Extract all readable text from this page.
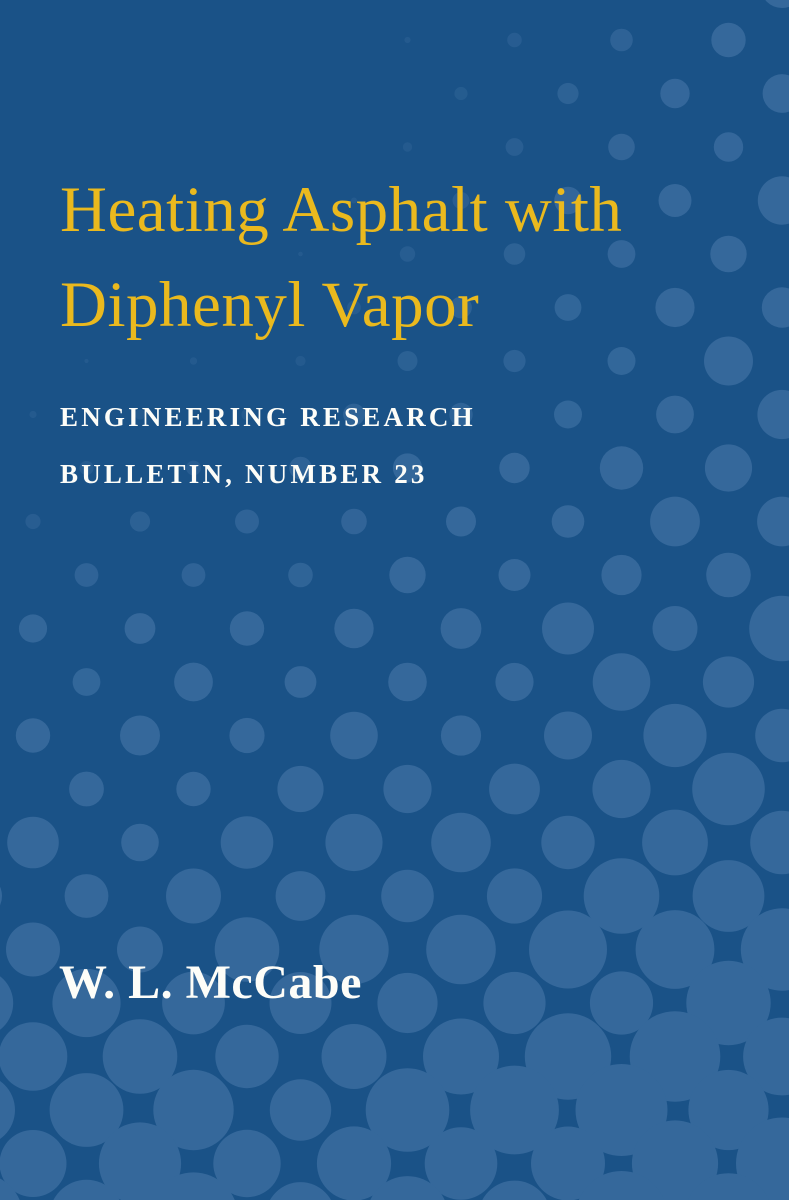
Heating Asphalt with
Diphenyl Vapor
ENGINEERING RESEARCH
BULLETIN, NUMBER 23
W. L. McCabe
